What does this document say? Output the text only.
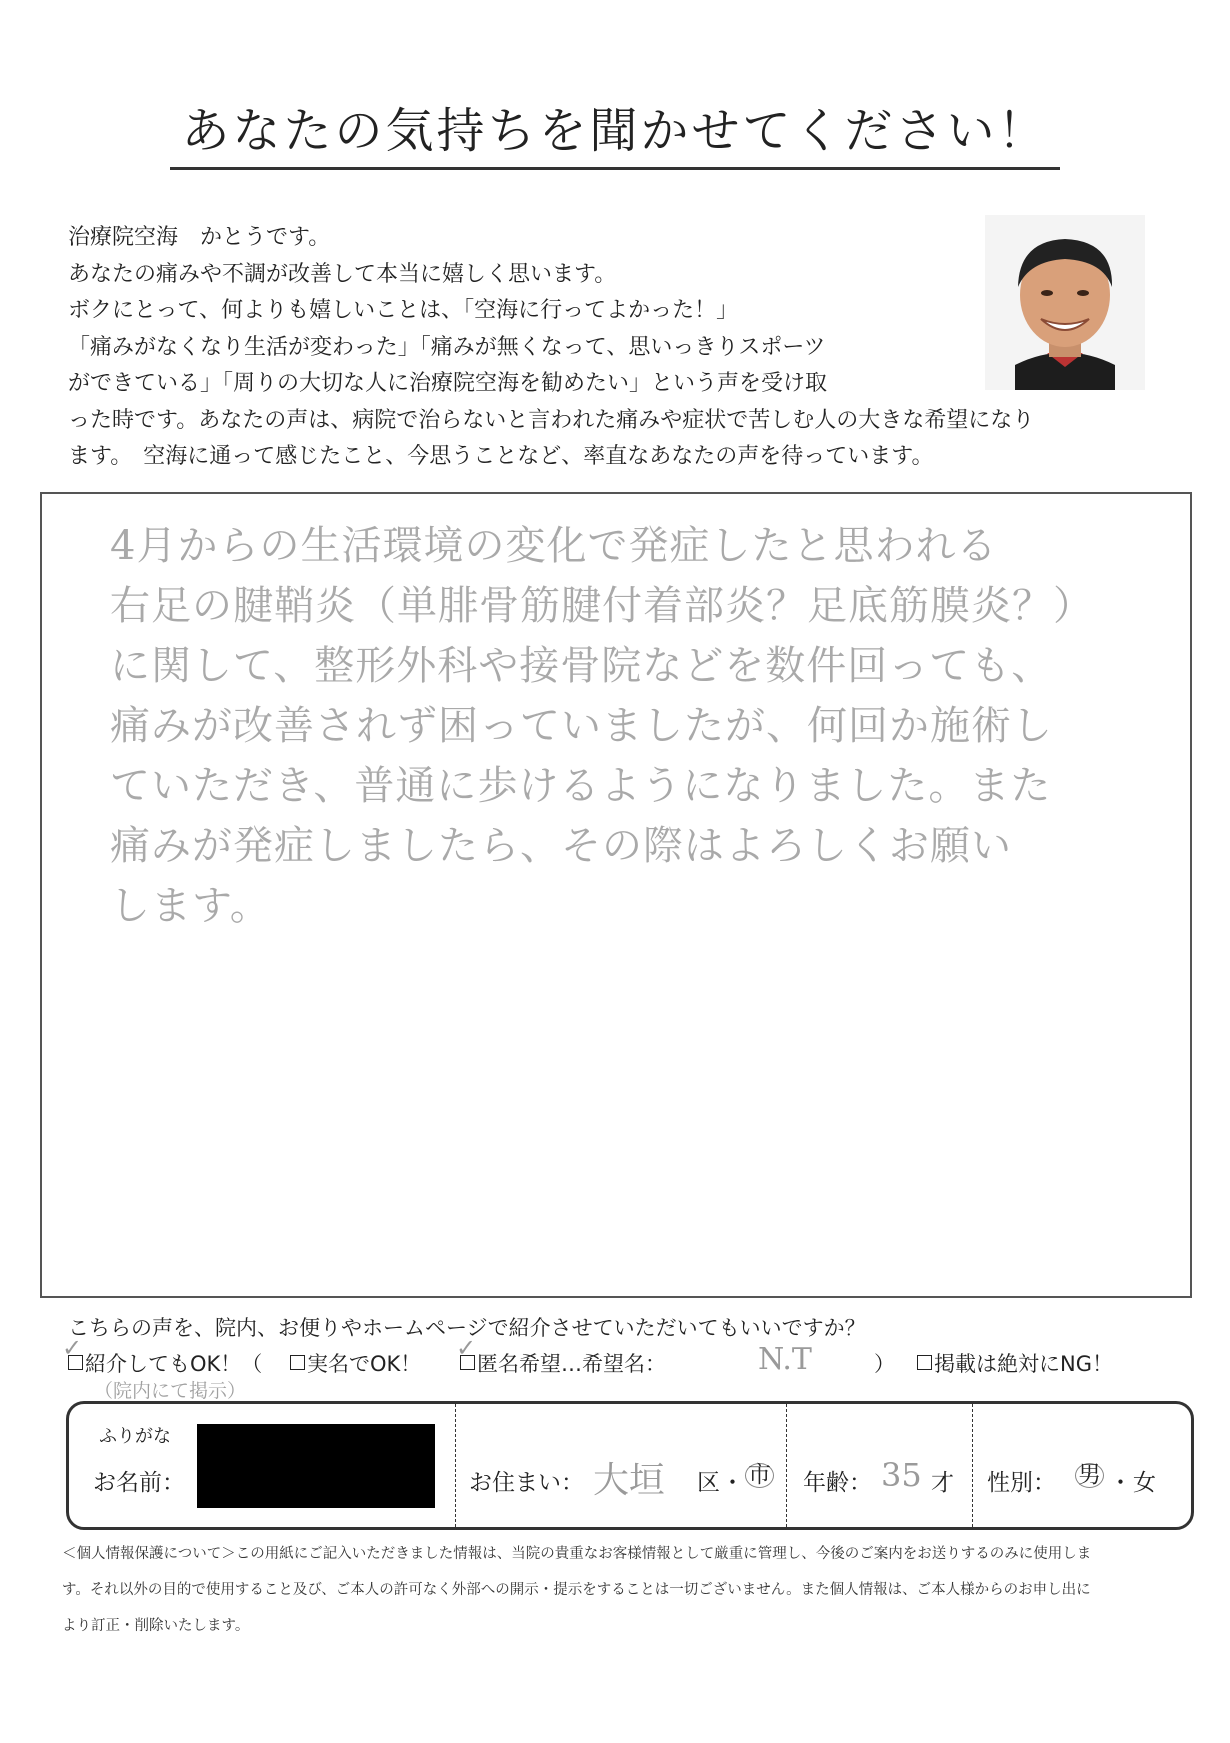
あなたの気持ちを聞かせてください！
治療院空海　かとうです。
あなたの痛みや不調が改善して本当に嬉しく思います。
ボクにとって、何よりも嬉しいことは、「空海に行ってよかった！」
「痛みがなくなり生活が変わった」「痛みが無くなって、思いっきりスポーツ
ができている」「周りの大切な人に治療院空海を勧めたい」という声を受け取
った時です。あなたの声は、病院で治らないと言われた痛みや症状で苦しむ人の大きな希望になり
ます。　空海に通って感じたこと、今思うことなど、率直なあなたの声を待っています。
4月からの生活環境の変化で発症したと思われる
右足の腱鞘炎（単腓骨筋腱付着部炎？足底筋膜炎？）
に関して、整形外科や接骨院などを数件回っても、
痛みが改善されず困っていましたが、何回か施術し
ていただき、普通に歩けるようになりました。また
痛みが発症しましたら、その際はよろしくお願い
します。
こちらの声を、院内、お便りやホームページで紹介させていただいてもいいですか？
紹介してもOK！（
✓
実名でOK！	匿名希望…希望名：
✓	N.T	）	掲載は絶対にNG！
（院内にて掲示）
ふりがな
お名前：	お住まい： 大垣 区 ・ 市 年齢： 35 才 性別： 男 ・ 女
＜個人情報保護について＞この用紙にご記入いただきました情報は、当院の貴重なお客様情報として厳重に管理し、今後のご案内をお送りするのみに使用しま
す。それ以外の目的で使用すること及び、ご本人の許可なく外部への開示・提示をすることは一切ございません。また個人情報は、ご本人様からのお申し出に
より訂正・削除いたします。
